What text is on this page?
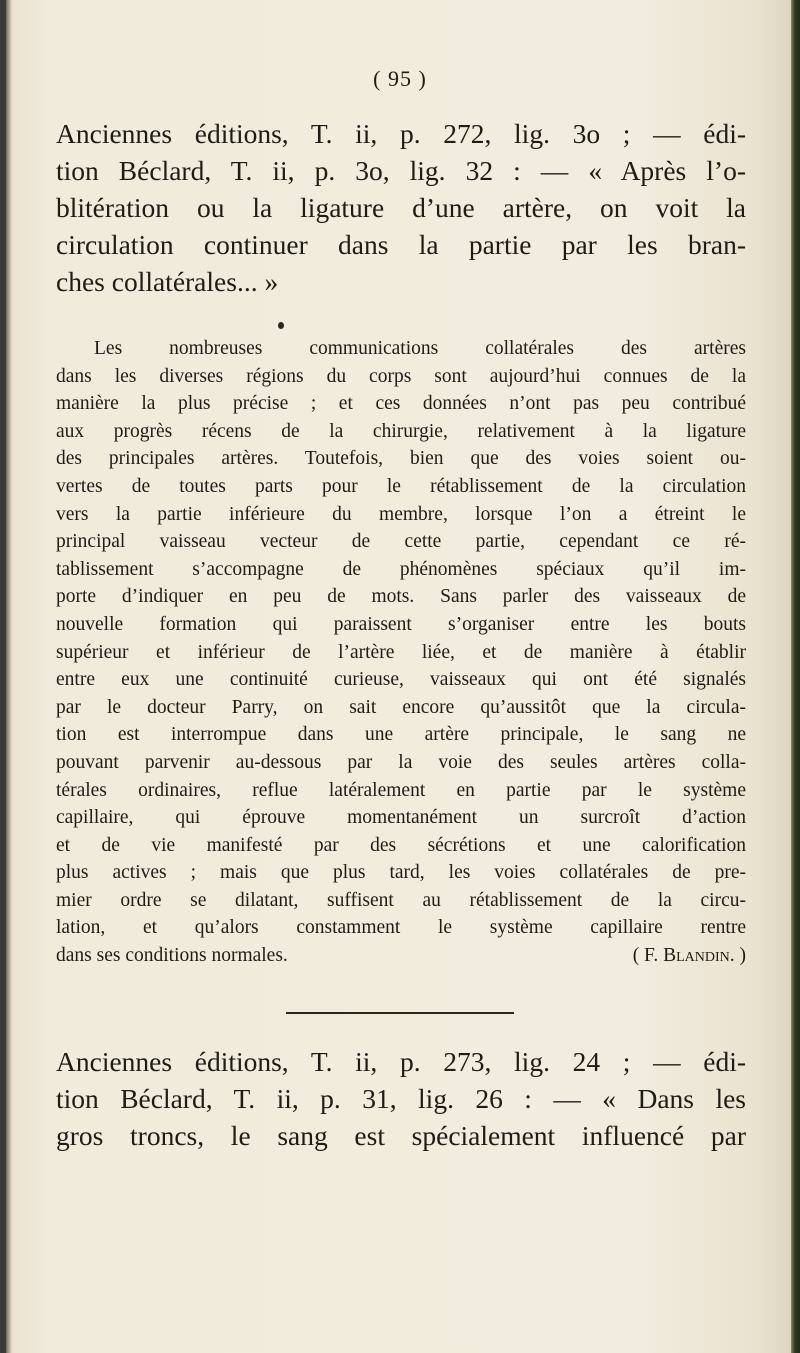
( 95 )
Anciennes éditions, T. ii, p. 272, lig. 3o ; — édi-
tion Béclard, T. ii, p. 3o, lig. 32 : — « Après l’o-
blitération ou la ligature d’une artère, on voit la
circulation continuer dans la partie par les bran-
ches collatérales... »
Les nombreuses communications collatérales des artères
dans les diverses régions du corps sont aujourd’hui connues de la
manière la plus précise ; et ces données n’ont pas peu contribué
aux progrès récens de la chirurgie, relativement à la ligature
des principales artères. Toutefois, bien que des voies soient ou-
vertes de toutes parts pour le rétablissement de la circulation
vers la partie inférieure du membre, lorsque l’on a étreint le
principal vaisseau vecteur de cette partie, cependant ce ré-
tablissement s’accompagne de phénomènes spéciaux qu’il im-
porte d’indiquer en peu de mots. Sans parler des vaisseaux de
nouvelle formation qui paraissent s’organiser entre les bouts
supérieur et inférieur de l’artère liée, et de manière à établir
entre eux une continuité curieuse, vaisseaux qui ont été signalés
par le docteur Parry, on sait encore qu’aussitôt que la circula-
tion est interrompue dans une artère principale, le sang ne
pouvant parvenir au-dessous par la voie des seules artères colla-
térales ordinaires, reflue latéralement en partie par le système
capillaire, qui éprouve momentanément un surcroît d’action
et de vie manifesté par des sécrétions et une calorification
plus actives ; mais que plus tard, les voies collatérales de pre-
mier ordre se dilatant, suffisent au rétablissement de la circu-
lation, et qu’alors constamment le système capillaire rentre
dans ses conditions normales.	( F. Blandin. )
Anciennes éditions, T. ii, p. 273, lig. 24 ; — édi-
tion Béclard, T. ii, p. 31, lig. 26 : — « Dans les
gros troncs, le sang est spécialement influencé par
